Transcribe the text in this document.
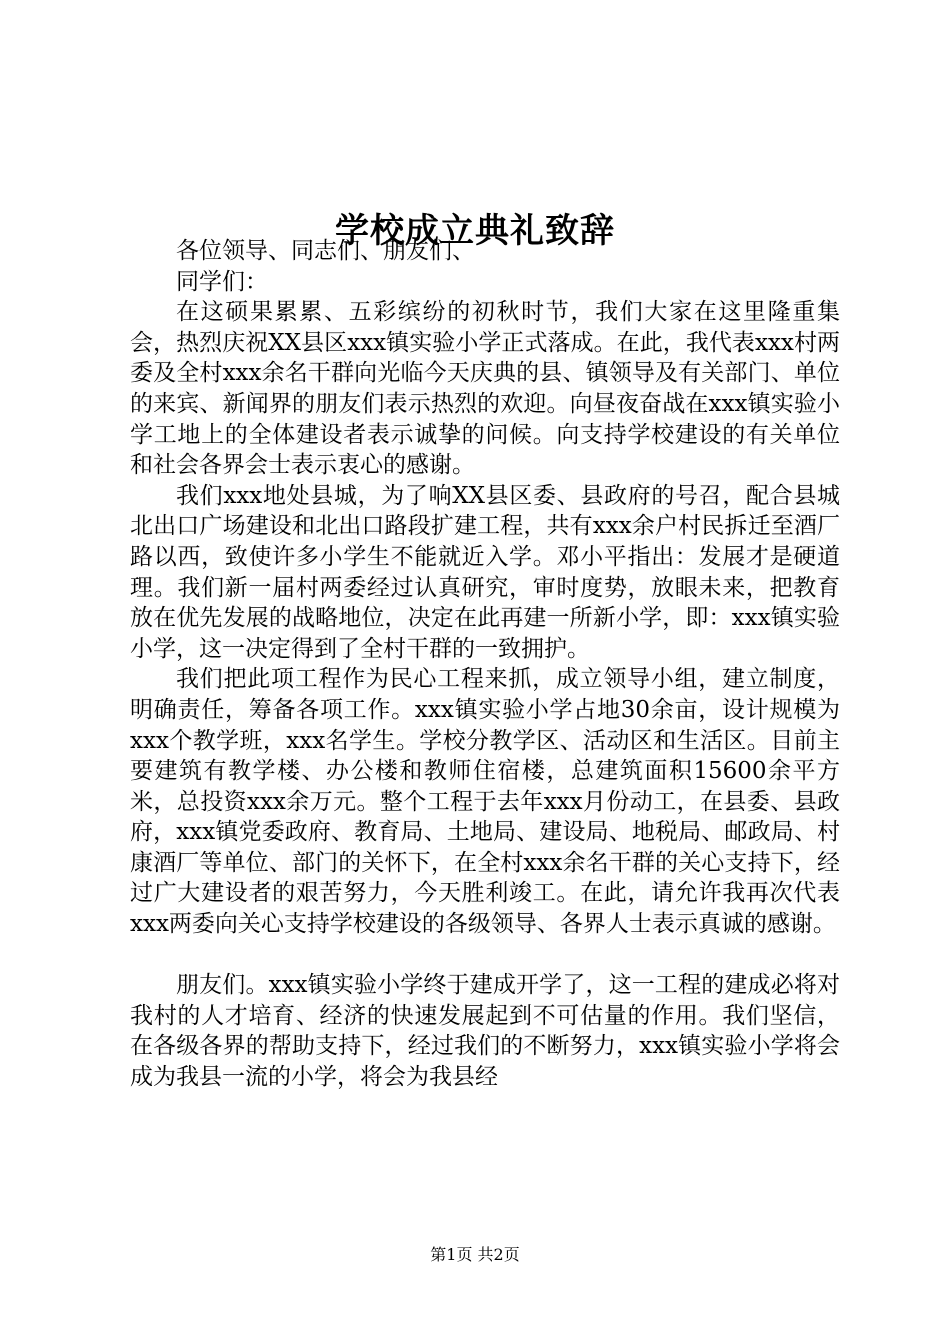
学校成立典礼致辞

各位领导、同志们、朋友们、

同学们：

在这硕果累累、五彩缤纷的初秋时节，我们大家在这里隆重集会，热烈庆祝XX县区xxx镇实验小学正式落成。在此，我代表xxx村两委及全村xxx余名干群向光临今天庆典的县、镇领导及有关部门、单位的来宾、新闻界的朋友们表示热烈的欢迎。向昼夜奋战在xxx镇实验小学工地上的全体建设者表示诚挚的问候。向支持学校建设的有关单位和社会各界会士表示衷心的感谢。

我们xxx地处县城，为了响XX县区委、县政府的号召，配合县城北出口广场建设和北出口路段扩建工程，共有xxx余户村民拆迁至酒厂路以西，致使许多小学生不能就近入学。邓小平指出：发展才是硬道理。我们新一届村两委经过认真研究，审时度势，放眼未来，把教育放在优先发展的战略地位，决定在此再建一所新小学，即：xxx镇实验小学，这一决定得到了全村干群的一致拥护。

我们把此项工程作为民心工程来抓，成立领导小组，建立制度，明确责任，筹备各项工作。xxx镇实验小学占地30余亩，设计规模为xxx个教学班，xxx名学生。学校分教学区、活动区和生活区。目前主要建筑有教学楼、办公楼和教师住宿楼，总建筑面积15600余平方米，总投资xxx余万元。整个工程于去年xxx月份动工，在县委、县政府，xxx镇党委政府、教育局、土地局、建设局、地税局、邮政局、村康酒厂等单位、部门的关怀下，在全村xxx余名干群的关心支持下，经过广大建设者的艰苦努力，今天胜利竣工。在此，请允许我再次代表xxx两委向关心支持学校建设的各级领导、各界人士表示真诚的感谢。

朋友们。xxx镇实验小学终于建成开学了，这一工程的建成必将对我村的人才培育、经济的快速发展起到不可估量的作用。我们坚信，在各级各界的帮助支持下，经过我们的不断努力，xxx镇实验小学将会成为我县一流的小学，将会为我县经

第1页 共2页
